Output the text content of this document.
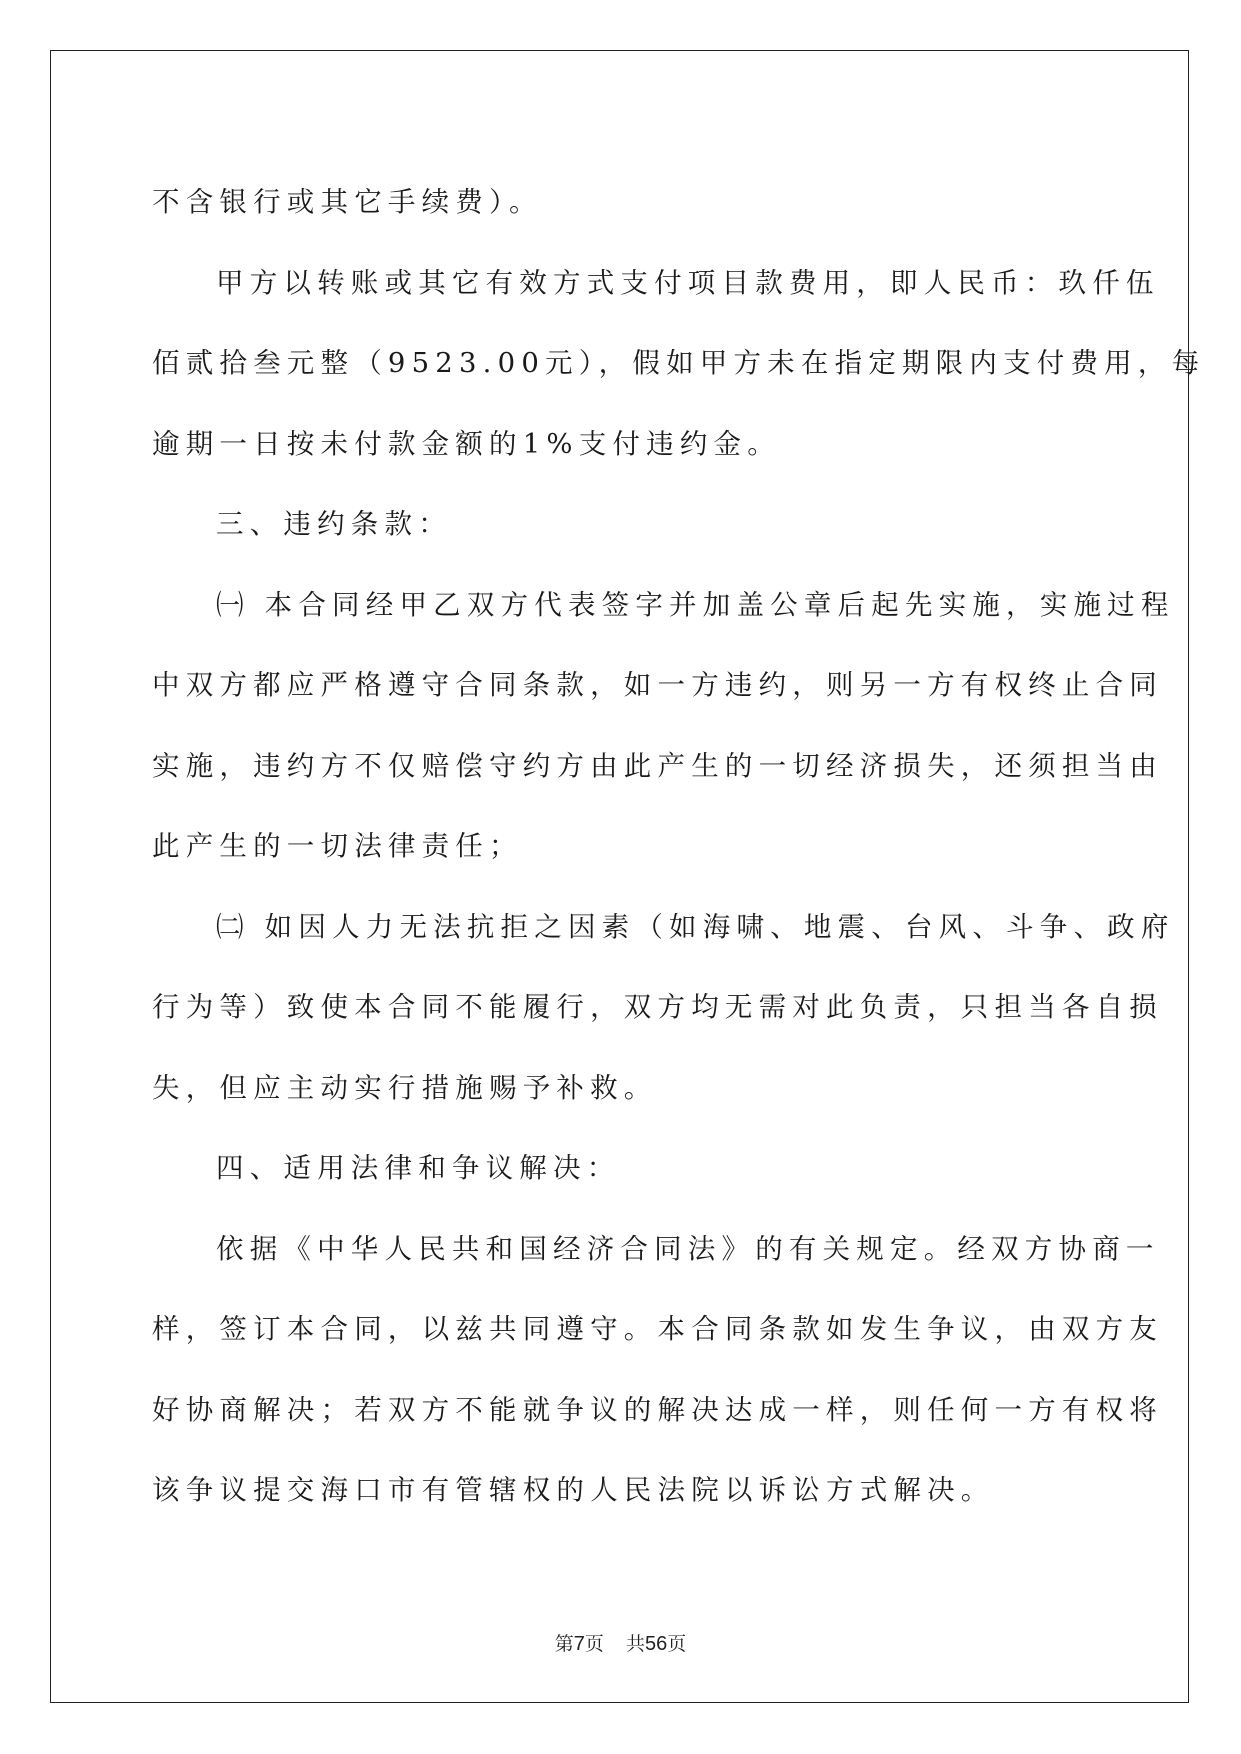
不含银行或其它手续费）。
甲方以转账或其它有效方式支付项目款费用，即人民币：玖仟伍
佰贰拾叁元整（9523.00元），假如甲方未在指定期限内支付费用，每
逾期一日按未付款金额的1%支付违约金。
三、违约条款：
㈠ 本合同经甲乙双方代表签字并加盖公章后起先实施，实施过程
中双方都应严格遵守合同条款，如一方违约，则另一方有权终止合同
实施，违约方不仅赔偿守约方由此产生的一切经济损失，还须担当由
此产生的一切法律责任；
㈡ 如因人力无法抗拒之因素（如海啸、地震、台风、斗争、政府
行为等）致使本合同不能履行，双方均无需对此负责，只担当各自损
失，但应主动实行措施赐予补救。
四、适用法律和争议解决：
依据《中华人民共和国经济合同法》的有关规定。经双方协商一
样，签订本合同，以兹共同遵守。本合同条款如发生争议，由双方友
好协商解决；若双方不能就争议的解决达成一样，则任何一方有权将
该争议提交海口市有管辖权的人民法院以诉讼方式解决。
第7页 共56页
